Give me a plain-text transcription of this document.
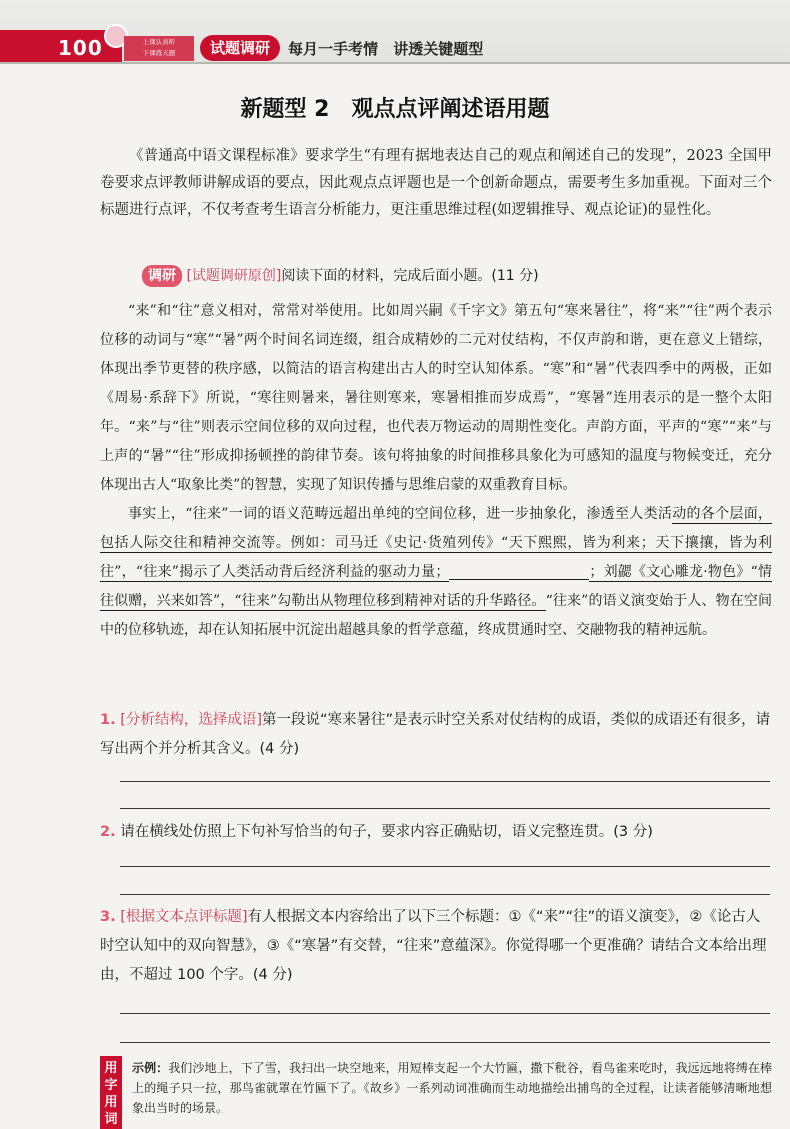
100	上课认真听
下课练天题	试题调研	每月一手考情 讲透关键题型
新题型 2　观点点评阐述语用题
《普通高中语文课程标准》要求学生“有理有据地表达自己的观点和阐述自己的发现”，2023 全国甲卷要求点评教师讲解成语的要点，因此观点点评题也是一个创新命题点，需要考生多加重视。下面对三个标题进行点评，不仅考查考生语言分析能力，更注重思维过程(如逻辑推导、观点论证)的显性化。
调研 [试题调研原创]阅读下面的材料，完成后面小题。(11 分)

“来”和“往”意义相对，常常对举使用。比如周兴嗣《千字文》第五句“寒来暑往”，将“来”“往”两个表示位移的动词与“寒”“暑”两个时间名词连缀，组合成精妙的二元对仗结构，不仅声韵和谐，更在意义上错综，体现出季节更替的秩序感，以简洁的语言构建出古人的时空认知体系。“寒”和“暑”代表四季中的两极，正如《周易·系辞下》所说，“寒往则暑来，暑往则寒来，寒暑相推而岁成焉”，“寒暑”连用表示的是一整个太阳年。“来”与“往”则表示空间位移的双向过程，也代表万物运动的周期性变化。声韵方面，平声的“寒”“来”与上声的“暑”“往”形成抑扬顿挫的韵律节奏。该句将抽象的时间推移具象化为可感知的温度与物候变迁，充分体现出古人“取象比类”的智慧，实现了知识传播与思维启蒙的双重教育目标。

事实上，“往来”一词的语义范畴远超出单纯的空间位移，进一步抽象化，渗透至人类活动的各个层面，包括人际交往和精神交流等。例如：司马迁《史记·货殖列传》“天下熙熙，皆为利来；天下攘攘，皆为利往”，“往来”揭示了人类活动背后经济利益的驱动力量；	；刘勰《文心雕龙·物色》“情往似赠，兴来如答”，“往来”勾勒出从物理位移到精神对话的升华路径。“往来”的语义演变始于人、物在空间中的位移轨迹，却在认知拓展中沉淀出超越具象的哲学意蕴，终成贯通时空、交融物我的精神远航。

1. [分析结构，选择成语]第一段说“寒来暑往”是表示时空关系对仗结构的成语，类似的成语还有很多，请写出两个并分析其含义。(4 分)
2. 请在横线处仿照上下句补写恰当的句子，要求内容正确贴切，语义完整连贯。(3 分)
3. [根据文本点评标题]有人根据文本内容给出了以下三个标题：①《“来”“往”的语义演变》，②《论古人时空认知中的双向智慧》，③《“寒暑”有交替，“往来”意蕴深》。你觉得哪一个更准确？请结合文本给出理由，不超过 100 个字。(4 分)
用字用词
示例：我们沙地上，下了雪，我扫出一块空地来，用短棒支起一个大竹匾，撒下秕谷，看鸟雀来吃时，我远远地将缚在棒上的绳子只一拉，那鸟雀就罩在竹匾下了。《故乡》一系列动词准确而生动地描绘出捕鸟的全过程，让读者能够清晰地想象出当时的场景。
